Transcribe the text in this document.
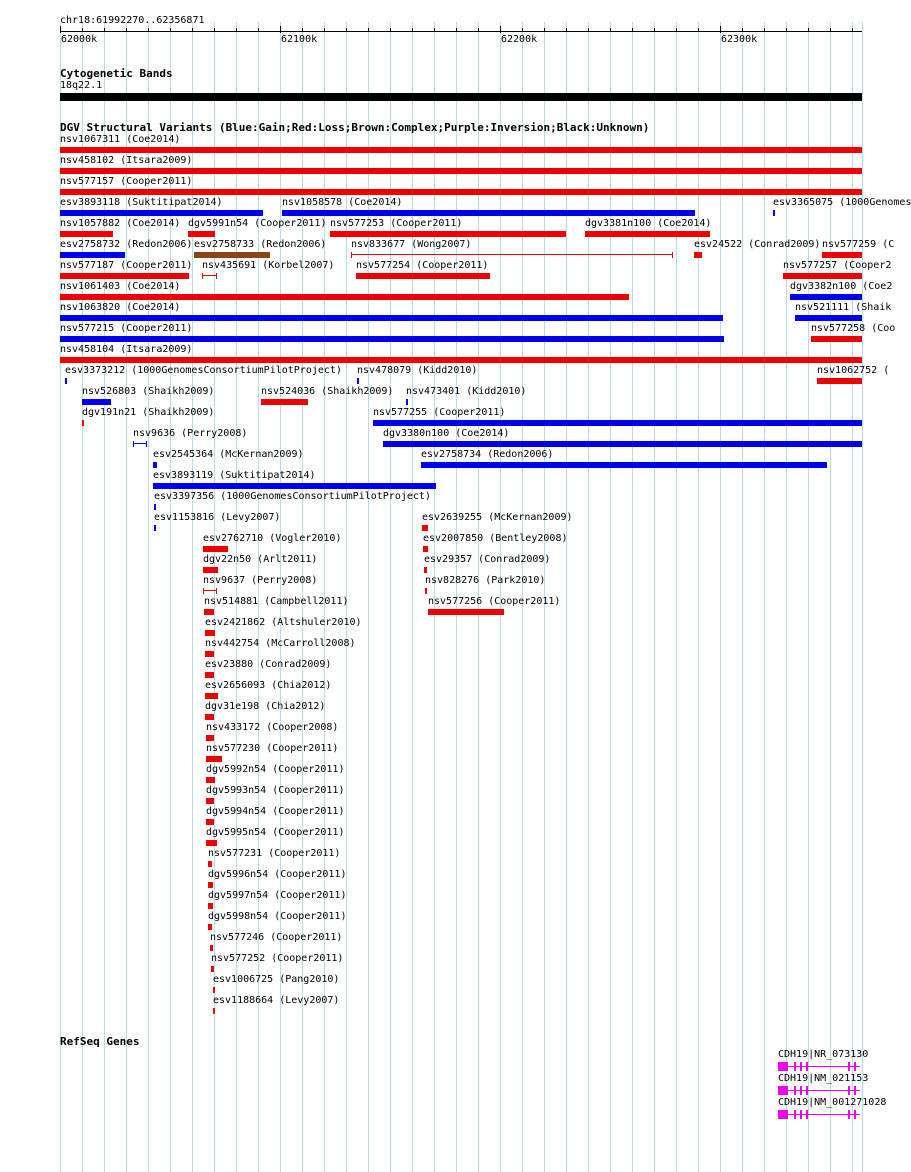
chr18:61992270..62356871
62000k	62100k	62200k	62300k
Cytogenetic Bands
18q22.1
DGV Structural Variants (Blue:Gain;Red:Loss;Brown:Complex;Purple:Inversion;Black:Unknown)
nsv1067311 (Coe2014)
nsv458102 (Itsara2009)
nsv577157 (Cooper2011)
esv3893118 (Suktitipat2014)	nsv1058578 (Coe2014)	esv3365075 (1000Genomes
nsv1057882 (Coe2014) dgv5991n54 (Cooper2011) nsv577253 (Cooper2011)	dgv3381n100 (Coe2014)
esv2758732 (Redon2006) esv2758733 (Redon2006) nsv833677 (Wong2007)	esv24522 (Conrad2009) nsv577259 (C
nsv577187 (Cooper2011) nsv435691 (Korbel2007) nsv577254 (Cooper2011)	nsv577257 (Cooper2
nsv1061403 (Coe2014)	dgv3382n100 (Coe2
nsv1063820 (Coe2014)	nsv521111 (Shaik
nsv577215 (Cooper2011)	nsv577258 (Coo
nsv458104 (Itsara2009)
esv3373212 (1000GenomesConsortiumPilotProject) nsv478079 (Kidd2010)	nsv1062752 (
nsv526803 (Shaikh2009)	nsv524036 (Shaikh2009) nsv473401 (Kidd2010)
dgv191n21 (Shaikh2009)	nsv577255 (Cooper2011)
nsv9636 (Perry2008)	dgv3380n100 (Coe2014)
esv2545364 (McKernan2009)	esv2758734 (Redon2006)
esv3893119 (Suktitipat2014)
esv3397356 (1000GenomesConsortiumPilotProject)
esv1153816 (Levy2007)	esv2639255 (McKernan2009)
esv2762710 (Vogler2010)	esv2007850 (Bentley2008)
dgv22n50 (Arlt2011)	esv29357 (Conrad2009)
nsv9637 (Perry2008)	nsv828276 (Park2010)
nsv514881 (Campbell2011)	nsv577256 (Cooper2011)
esv2421862 (Altshuler2010)
nsv442754 (McCarroll2008)
esv23880 (Conrad2009)
esv2656093 (Chia2012)
dgv31e198 (Chia2012)
nsv433172 (Cooper2008)
nsv577230 (Cooper2011)
dgv5992n54 (Cooper2011)
dgv5993n54 (Cooper2011)
dgv5994n54 (Cooper2011)
dgv5995n54 (Cooper2011)
nsv577231 (Cooper2011)
dgv5996n54 (Cooper2011)
dgv5997n54 (Cooper2011)
dgv5998n54 (Cooper2011)
nsv577246 (Cooper2011)
nsv577252 (Cooper2011)
esv1006725 (Pang2010)
esv1188664 (Levy2007)
RefSeq Genes
CDH19|NR_073130
CDH19|NM_021153
CDH19|NM_001271028
